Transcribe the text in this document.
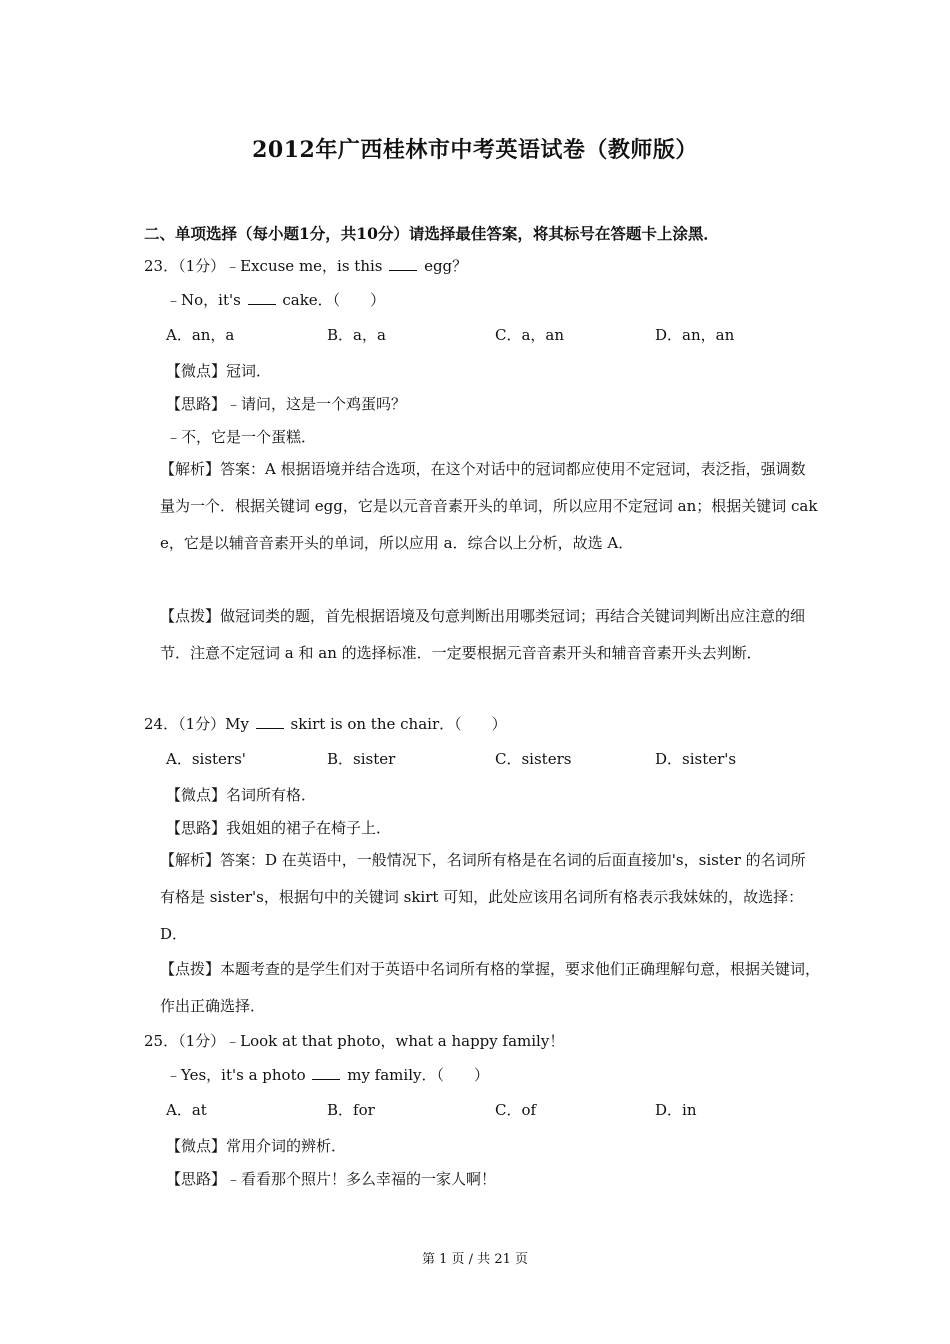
2012年广西桂林市中考英语试卷（教师版）
二、单项选择（每小题1分，共10分）请选择最佳答案，将其标号在答题卡上涂黑．
23．（1分）﹣Excuse me，is this	egg？
﹣No，it's	cake．（　　）
A．an，a	B．a，a	C．a，an	D．an，an
【微点】冠词．
【思路】﹣请问，这是一个鸡蛋吗？
﹣不，它是一个蛋糕．
【解析】答案：A 根据语境并结合选项，在这个对话中的冠词都应使用不定冠词，表泛指，强调数量为一个．根据关键词 egg，它是以元音音素开头的单词，所以应用不定冠词 an；根据关键词 cake，它是以辅音音素开头的单词，所以应用 a．综合以上分析，故选 A．
【点拨】做冠词类的题，首先根据语境及句意判断出用哪类冠词；再结合关键词判断出应注意的细节．注意不定冠词 a 和 an 的选择标准．一定要根据元音音素开头和辅音音素开头去判断．
24．（1分）My	skirt is on the chair．（　　）
A．sisters'	B．sister	C．sisters	D．sister's
【微点】名词所有格．
【思路】我姐姐的裙子在椅子上．
【解析】答案：D 在英语中，一般情况下，名词所有格是在名词的后面直接加's，sister 的名词所有格是 sister's，根据句中的关键词 skirt 可知，此处应该用名词所有格表示我妹妹的，故选择：D．
【点拨】本题考查的是学生们对于英语中名词所有格的掌握，要求他们正确理解句意，根据关键词，作出正确选择．
25．（1分）﹣Look at that photo，what a happy family！
﹣Yes，it's a photo	my family．（　　）
A．at	B．for	C．of	D．in
【微点】常用介词的辨析．
【思路】﹣看看那个照片！多么幸福的一家人啊！
第 1 页 / 共 21 页
